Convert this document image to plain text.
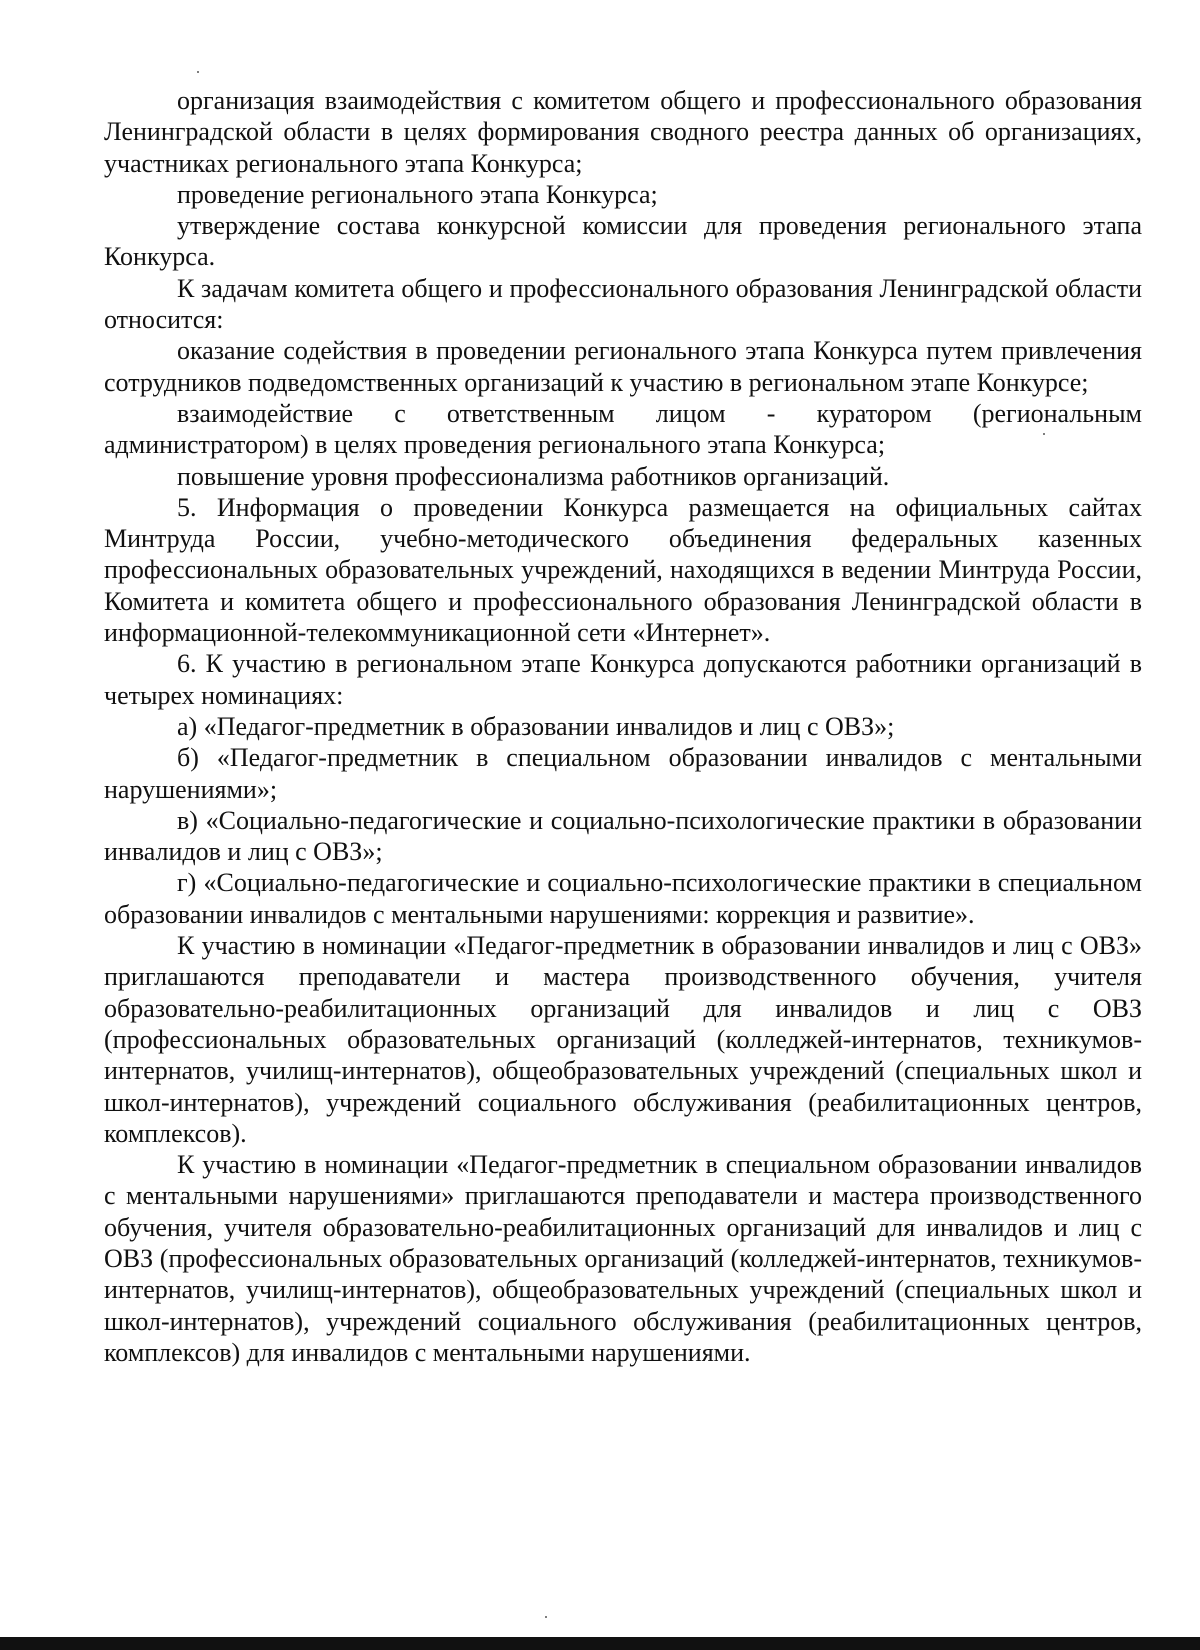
организация взаимодействия с комитетом общего и профессионального образования Ленинградской области в целях формирования сводного реестра данных об организациях, участниках регионального этапа Конкурса;

проведение регионального этапа Конкурса;

утверждение состава конкурсной комиссии для проведения регионального этапа Конкурса.

К задачам комитета общего и профессионального образования Ленинградской области относится:

оказание содействия в проведении регионального этапа Конкурса путем привлечения сотрудников подведомственных организаций к участию в региональном этапе Конкурсе;

взаимодействие с ответственным лицом - куратором (региональным администратором) в целях проведения регионального этапа Конкурса;

повышение уровня профессионализма работников организаций.

5. Информация о проведении Конкурса размещается на официальных сайтах Минтруда России, учебно-методического объединения федеральных казенных профессиональных образовательных учреждений, находящихся в ведении Минтруда России, Комитета и комитета общего и профессионального образования Ленинградской области в информационной-телекоммуникационной сети «Интернет».

6. К участию в региональном этапе Конкурса допускаются работники организаций в четырех номинациях:

а) «Педагог-предметник в образовании инвалидов и лиц с ОВЗ»;

б) «Педагог-предметник в специальном образовании инвалидов с ментальными нарушениями»;

в) «Социально-педагогические и социально-психологические практики в образовании инвалидов и лиц с ОВЗ»;

г) «Социально-педагогические и социально-психологические практики в специальном образовании инвалидов с ментальными нарушениями: коррекция и развитие».

К участию в номинации «Педагог-предметник в образовании инвалидов и лиц с ОВЗ» приглашаются преподаватели и мастера производственного обучения, учителя образовательно-реабилитационных организаций для инвалидов и лиц с ОВЗ (профессиональных образовательных организаций (колледжей-интернатов, техникумов-интернатов, училищ-интернатов), общеобразовательных учреждений (специальных школ и школ-интернатов), учреждений социального обслуживания (реабилитационных центров, комплексов).

К участию в номинации «Педагог-предметник в специальном образовании инвалидов с ментальными нарушениями» приглашаются преподаватели и мастера производственного обучения, учителя образовательно-реабилитационных организаций для инвалидов и лиц с ОВЗ (профессиональных образовательных организаций (колледжей-интернатов, техникумов-интернатов, училищ-интернатов), общеобразовательных учреждений (специальных школ и школ-интернатов), учреждений социального обслуживания (реабилитационных центров, комплексов) для инвалидов с ментальными нарушениями.
